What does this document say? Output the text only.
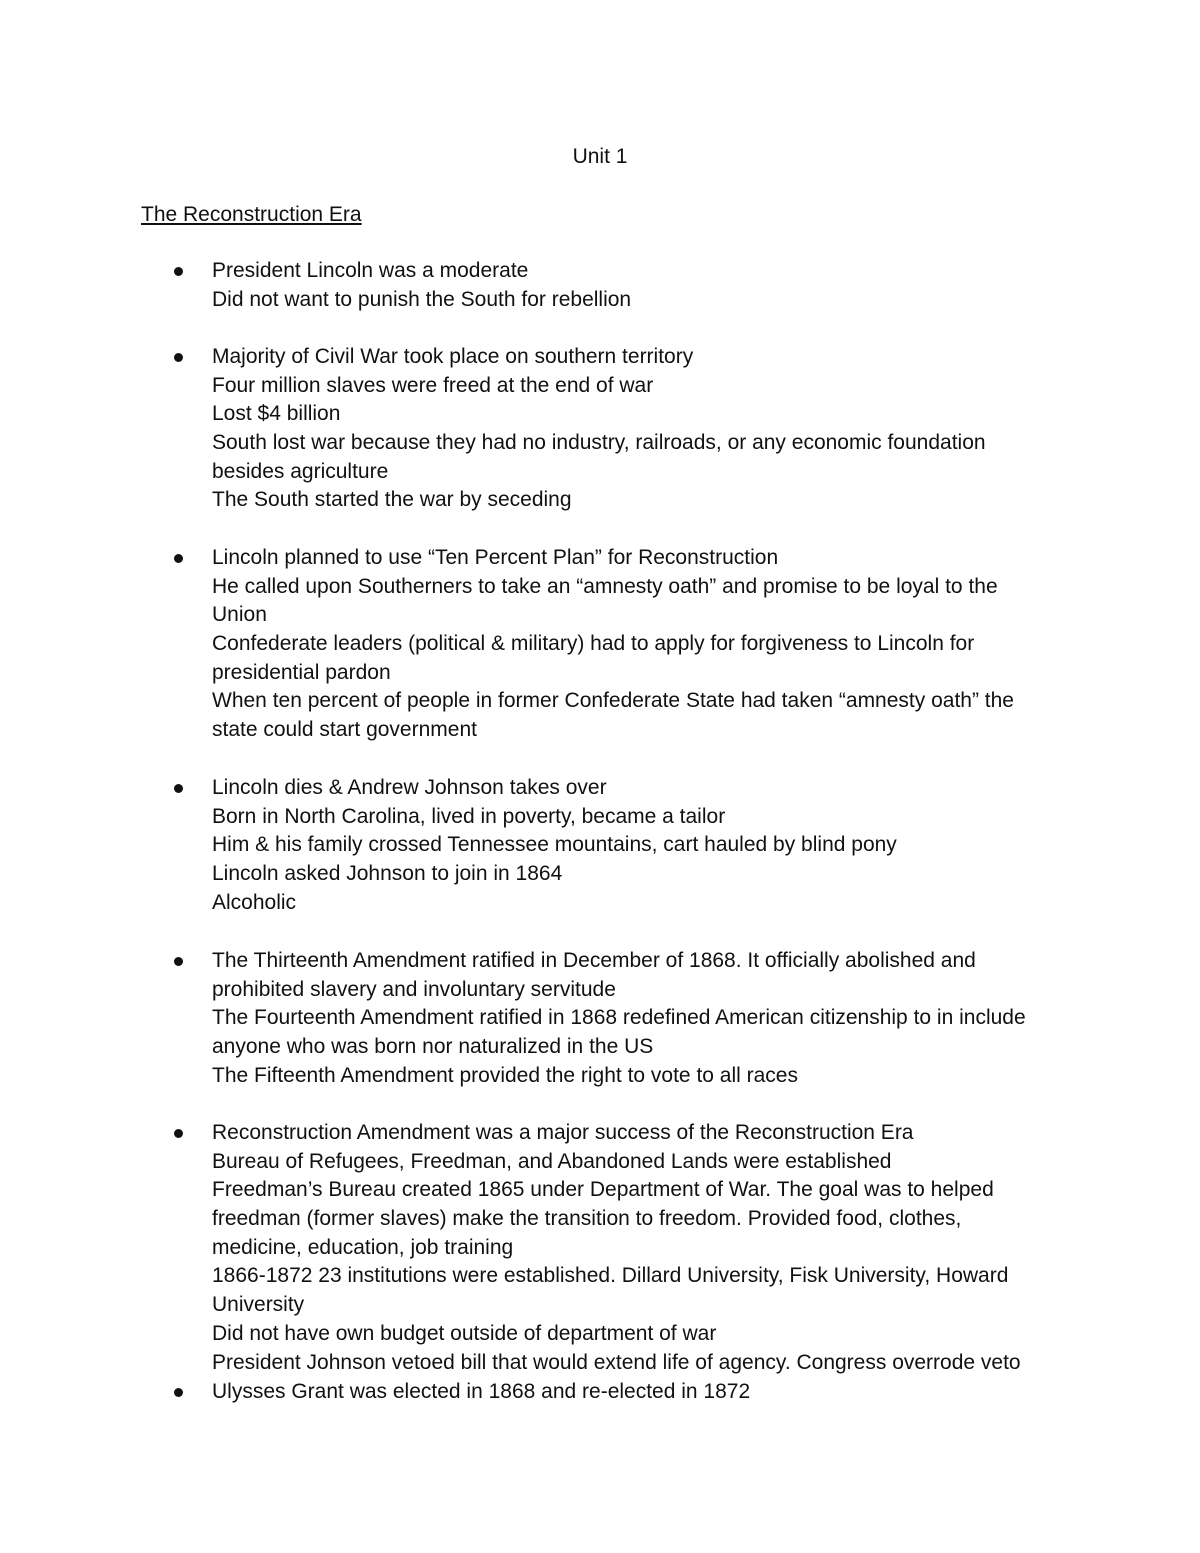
Unit 1
The Reconstruction Era
President Lincoln was a moderate
Did not want to punish the South for rebellion
Majority of Civil War took place on southern territory
Four million slaves were freed at the end of war
Lost $4 billion
South lost war because they had no industry, railroads, or any economic foundation
besides agriculture
The South started the war by seceding
Lincoln planned to use “Ten Percent Plan” for Reconstruction
He called upon Southerners to take an “amnesty oath” and promise to be loyal to the
Union
Confederate leaders (political & military) had to apply for forgiveness to Lincoln for
presidential pardon
When ten percent of people in former Confederate State had taken “amnesty oath” the
state could start government
Lincoln dies & Andrew Johnson takes over
Born in North Carolina, lived in poverty, became a tailor
Him & his family crossed Tennessee mountains, cart hauled by blind pony
Lincoln asked Johnson to join in 1864
Alcoholic
The Thirteenth Amendment ratified in December of 1868. It officially abolished and
prohibited slavery and involuntary servitude
The Fourteenth Amendment ratified in 1868 redefined American citizenship to in include
anyone who was born nor naturalized in the US
The Fifteenth Amendment provided the right to vote to all races
Reconstruction Amendment was a major success of the Reconstruction Era
Bureau of Refugees, Freedman, and Abandoned Lands were established
Freedman’s Bureau created 1865 under Department of War. The goal was to helped
freedman (former slaves) make the transition to freedom. Provided food, clothes,
medicine, education, job training
1866-1872 23 institutions were established. Dillard University, Fisk University, Howard
University
Did not have own budget outside of department of war
President Johnson vetoed bill that would extend life of agency. Congress overrode veto
Ulysses Grant was elected in 1868 and re-elected in 1872
